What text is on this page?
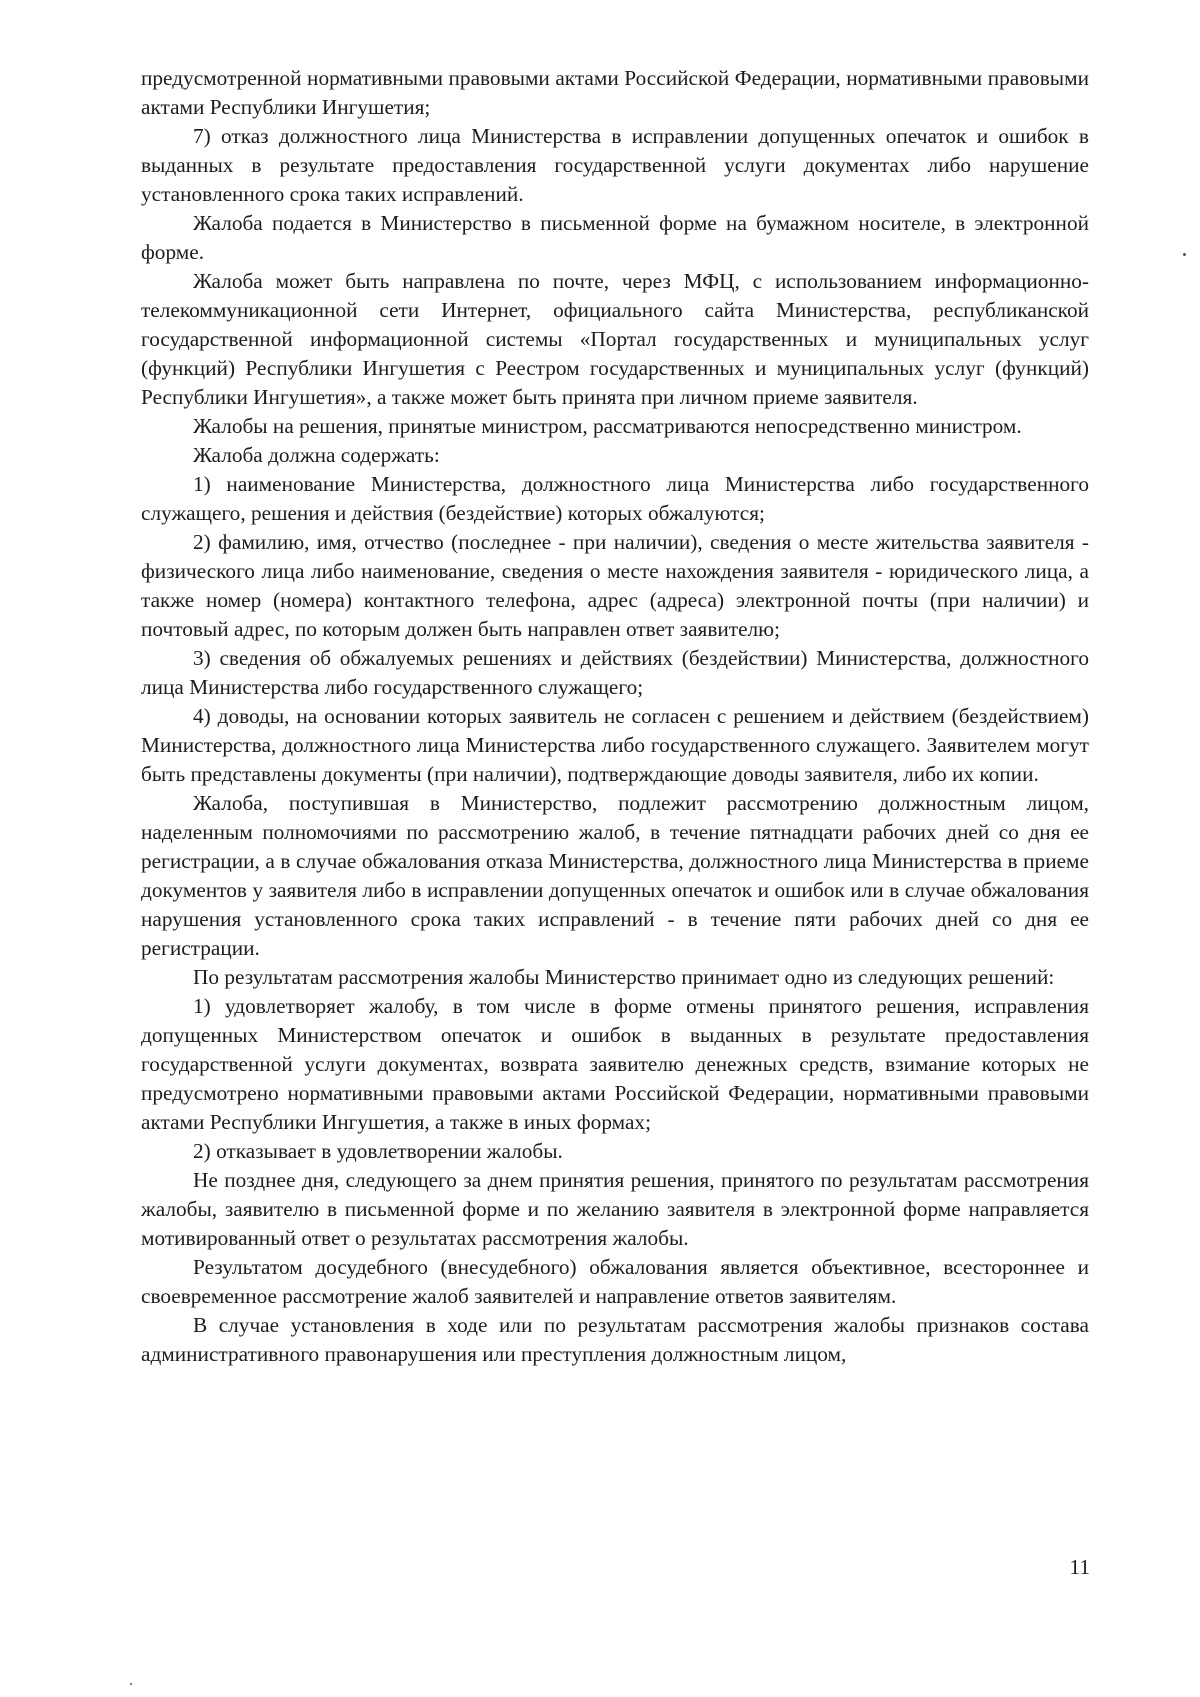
предусмотренной нормативными правовыми актами Российской Федерации, нормативными правовыми актами Республики Ингушетия;

7) отказ должностного лица Министерства в исправлении допущенных опечаток и ошибок в выданных в результате предоставления государственной услуги документах либо нарушение установленного срока таких исправлений.

Жалоба подается в Министерство в письменной форме на бумажном носителе, в электронной форме.

Жалоба может быть направлена по почте, через МФЦ, с использованием информационно-телекоммуникационной сети Интернет, официального сайта Министерства, республиканской государственной информационной системы «Портал государственных и муниципальных услуг (функций) Республики Ингушетия с Реестром государственных и муниципальных услуг (функций) Республики Ингушетия», а также может быть принята при личном приеме заявителя.

Жалобы на решения, принятые министром, рассматриваются непосредственно министром.

Жалоба должна содержать:

1) наименование Министерства, должностного лица Министерства либо государственного служащего, решения и действия (бездействие) которых обжалуются;

2) фамилию, имя, отчество (последнее - при наличии), сведения о месте жительства заявителя - физического лица либо наименование, сведения о месте нахождения заявителя - юридического лица, а также номер (номера) контактного телефона, адрес (адреса) электронной почты (при наличии) и почтовый адрес, по которым должен быть направлен ответ заявителю;

3) сведения об обжалуемых решениях и действиях (бездействии) Министерства, должностного лица Министерства либо государственного служащего;

4) доводы, на основании которых заявитель не согласен с решением и действием (бездействием) Министерства, должностного лица Министерства либо государственного служащего. Заявителем могут быть представлены документы (при наличии), подтверждающие доводы заявителя, либо их копии.

Жалоба, поступившая в Министерство, подлежит рассмотрению должностным лицом, наделенным полномочиями по рассмотрению жалоб, в течение пятнадцати рабочих дней со дня ее регистрации, а в случае обжалования отказа Министерства, должностного лица Министерства в приеме документов у заявителя либо в исправлении допущенных опечаток и ошибок или в случае обжалования нарушения установленного срока таких исправлений - в течение пяти рабочих дней со дня ее регистрации.

По результатам рассмотрения жалобы Министерство принимает одно из следующих решений:

1) удовлетворяет жалобу, в том числе в форме отмены принятого решения, исправления допущенных Министерством опечаток и ошибок в выданных в результате предоставления государственной услуги документах, возврата заявителю денежных средств, взимание которых не предусмотрено нормативными правовыми актами Российской Федерации, нормативными правовыми актами Республики Ингушетия, а также в иных формах;

2) отказывает в удовлетворении жалобы.

Не позднее дня, следующего за днем принятия решения, принятого по результатам рассмотрения жалобы, заявителю в письменной форме и по желанию заявителя в электронной форме направляется мотивированный ответ о результатах рассмотрения жалобы.

Результатом досудебного (внесудебного) обжалования является объективное, всестороннее и своевременное рассмотрение жалоб заявителей и направление ответов заявителям.

В случае установления в ходе или по результатам рассмотрения жалобы признаков состава административного правонарушения или преступления должностным лицом,

11
